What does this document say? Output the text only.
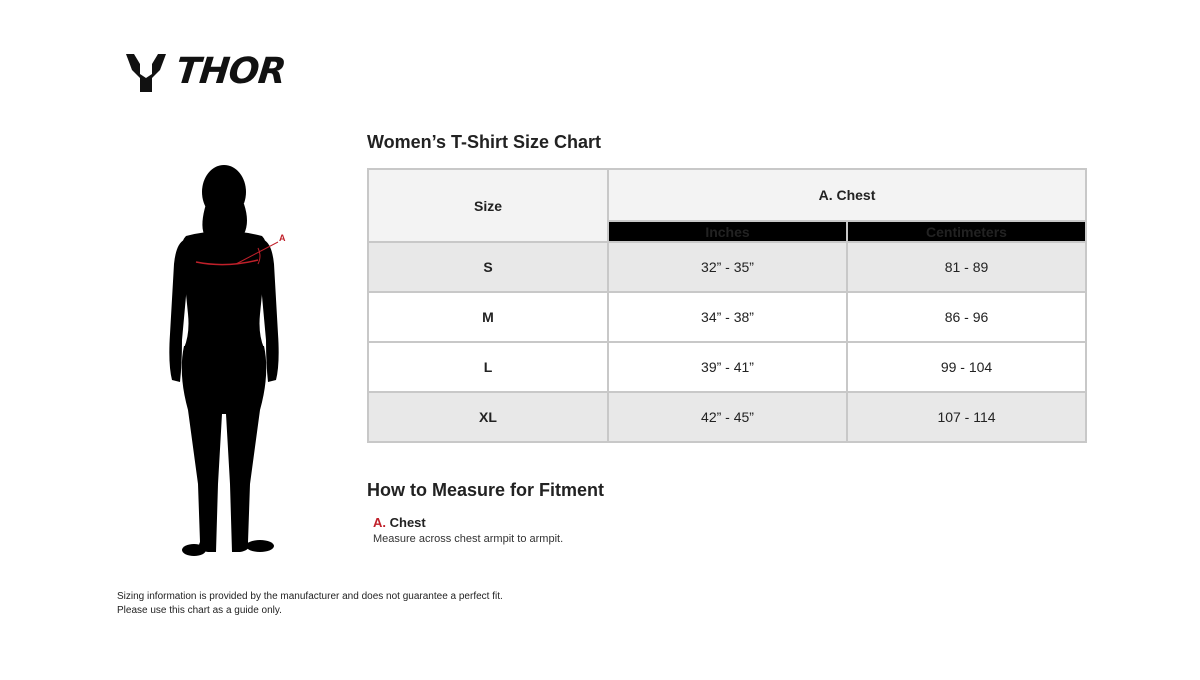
THOR
A
Women’s T-Shirt Size Chart
Size	A. Chest	
	Inches	Centimeters
S	32” - 35”	81 - 89
M	34” - 38”	86 - 96
L	39” - 41”	99 - 104
XL	42” - 45”	107 - 114
How to Measure for Fitment
A. Chest
Measure across chest armpit to armpit.
Sizing information is provided by the manufacturer and does not guarantee a perfect fit.
Please use this chart as a guide only.
